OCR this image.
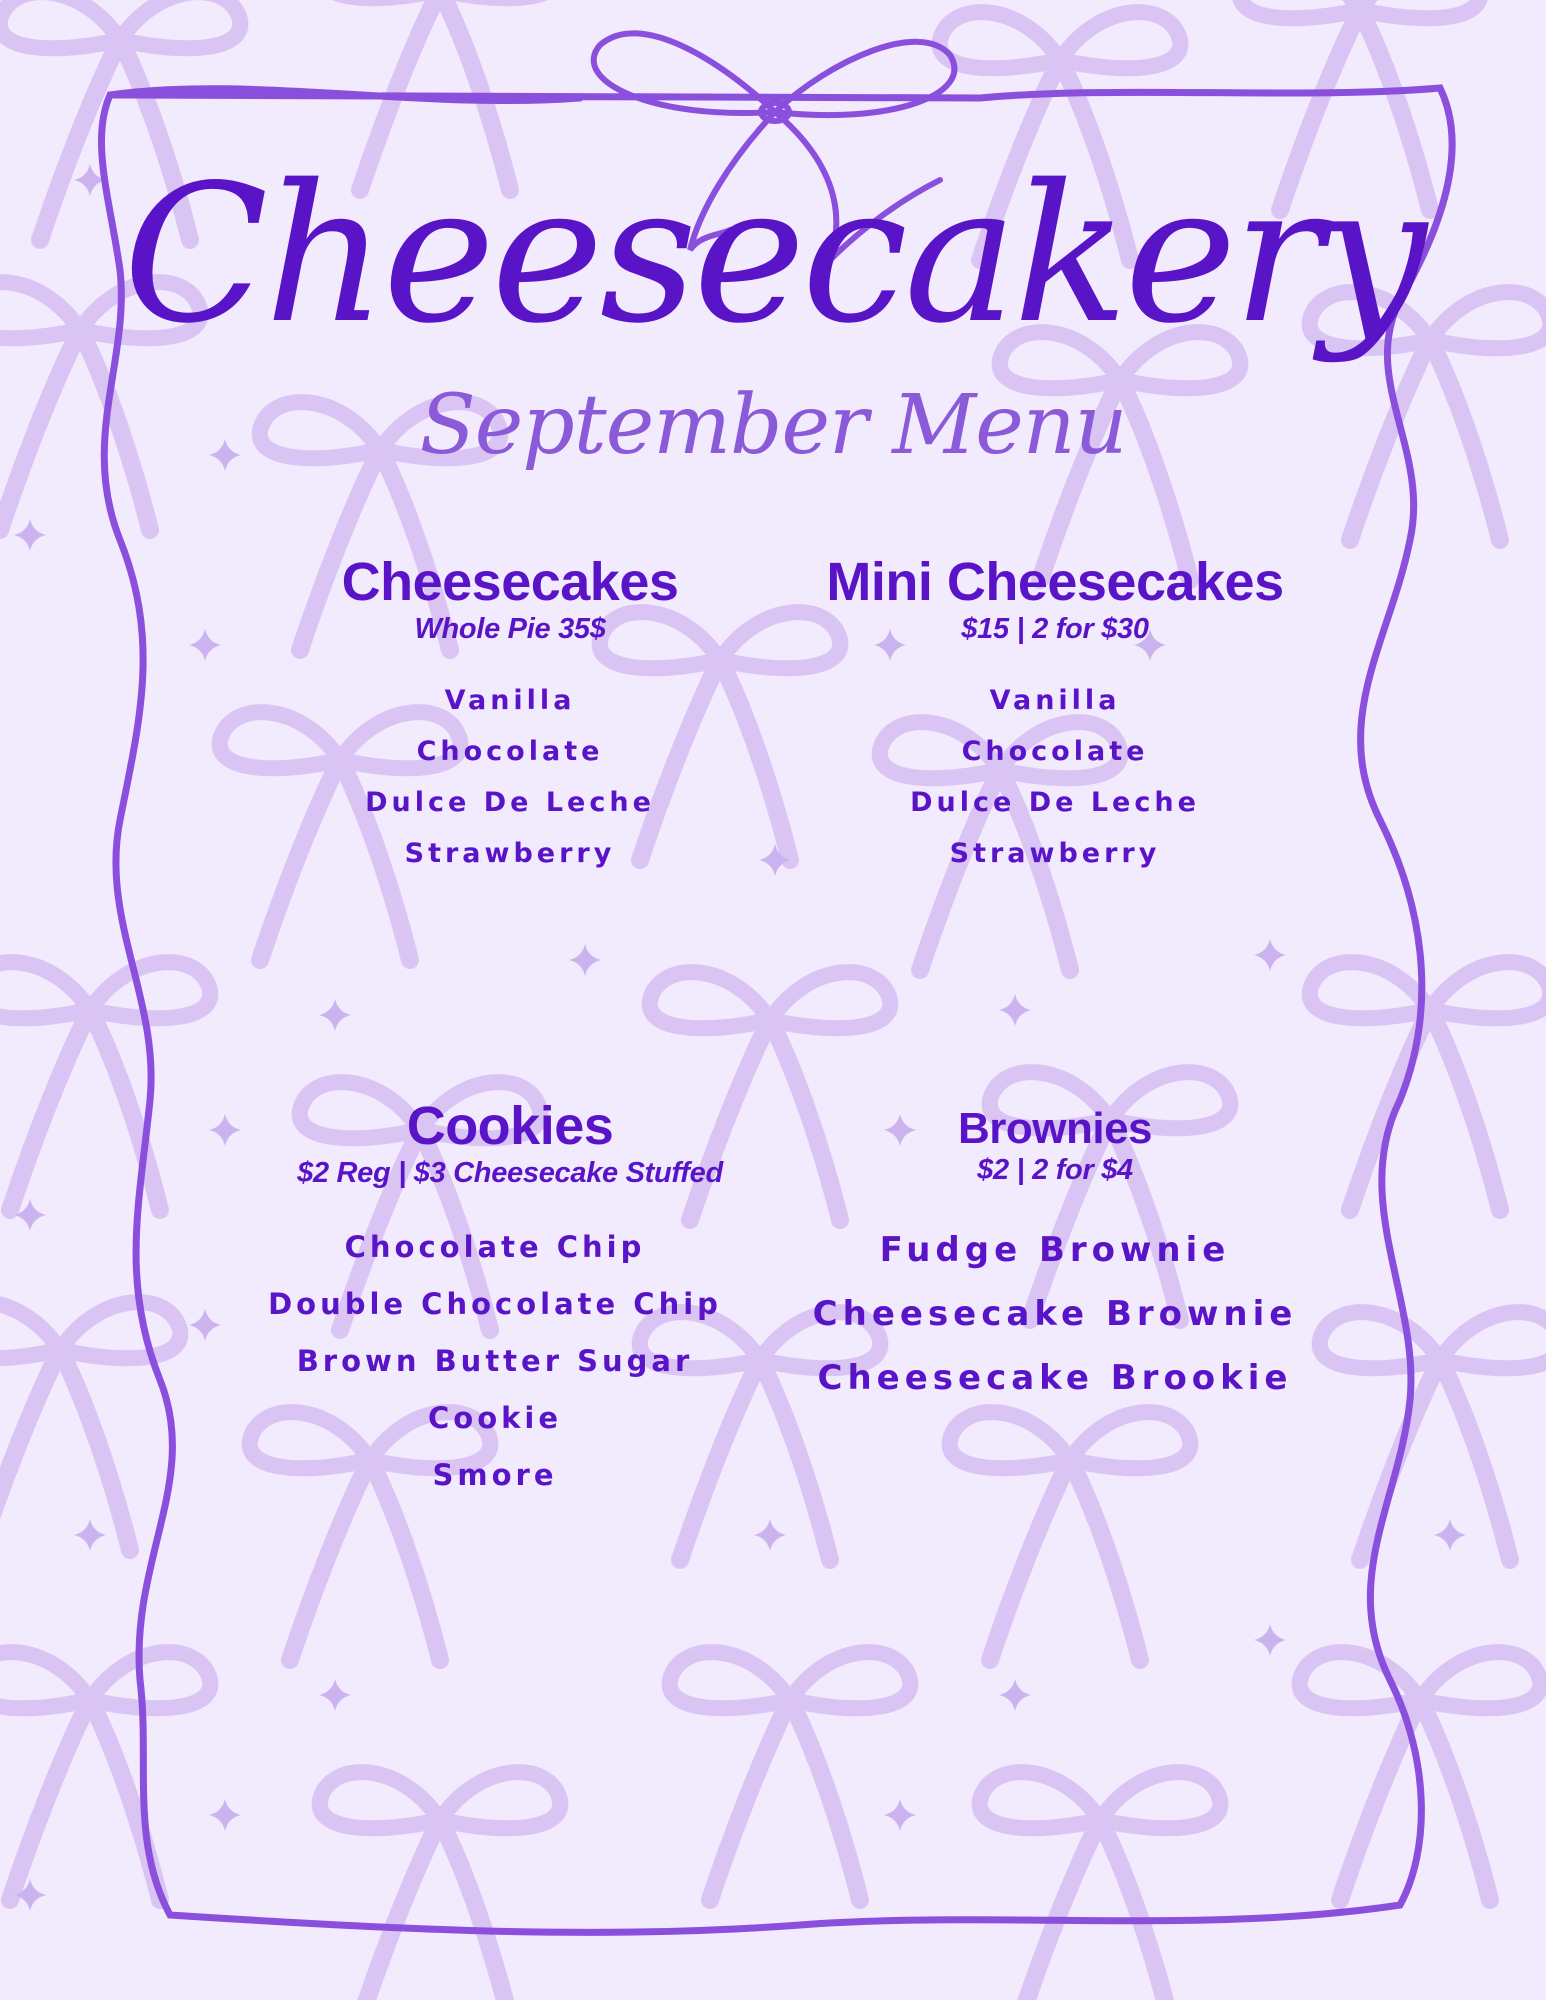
Cheesecakery
September Menu
Cheesecakes
Whole Pie 35$
Vanilla
Chocolate
Dulce De Leche
Strawberry
Mini Cheesecakes
$15 | 2 for $30
Vanilla
Chocolate
Dulce De Leche
Strawberry
Cookies
$2 Reg | $3 Cheesecake Stuffed
Chocolate Chip
Double Chocolate Chip
Brown Butter Sugar
Cookie
Smore
Brownies
$2 | 2 for $4
Fudge Brownie
Cheesecake Brownie
Cheesecake Brookie
